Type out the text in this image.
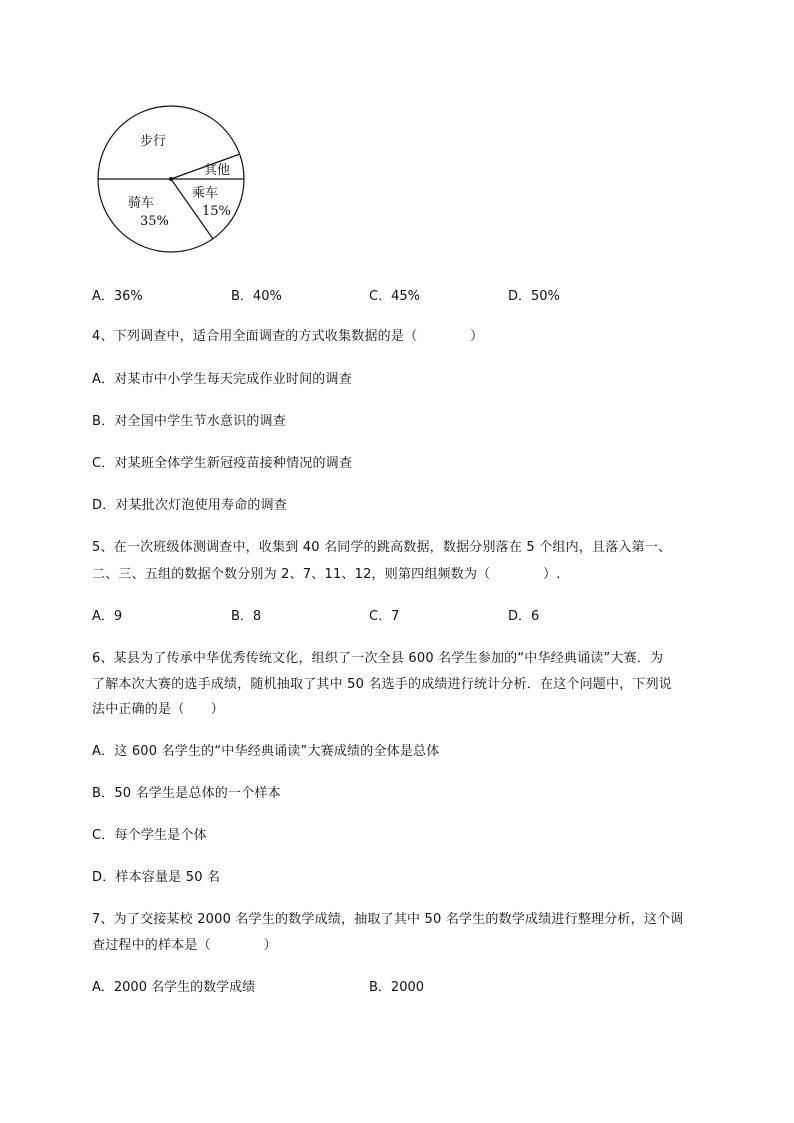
步行
其他
乘车
15%
骑车
35%
A．36%	B．40%	C．45%	D．50%
4、下列调查中，适合用全面调查的方式收集数据的是（　　　　）
A．对某市中小学生每天完成作业时间的调查
B．对全国中学生节水意识的调查
C．对某班全体学生新冠疫苗接种情况的调查
D．对某批次灯泡使用寿命的调查
5、在一次班级体测调查中，收集到 40 名同学的跳高数据，数据分别落在 5 个组内，且落入第一、
二、三、五组的数据个数分别为 2、7、11、12，则第四组频数为（　　　　）.
A．9	B．8	C．7	D．6
6、某县为了传承中华优秀传统文化，组织了一次全县 600 名学生参加的“中华经典诵读”大赛．为
了解本次大赛的选手成绩，随机抽取了其中 50 名选手的成绩进行统计分析．在这个问题中，下列说
法中正确的是（　　）
A．这 600 名学生的“中华经典诵读”大赛成绩的全体是总体
B．50 名学生是总体的一个样本
C．每个学生是个体
D．样本容量是 50 名
7、为了交接某校 2000 名学生的数学成绩，抽取了其中 50 名学生的数学成绩进行整理分析，这个调
查过程中的样本是（　　　　）
A．2000 名学生的数学成绩	B．2000
